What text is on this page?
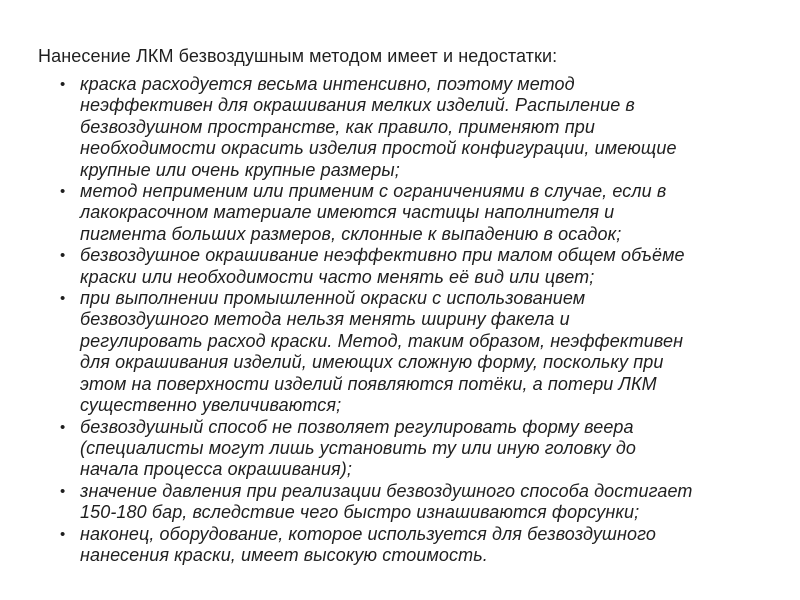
Нанесение ЛКМ безвоздушным методом имеет и недостатки:
• краска расходуется весьма интенсивно, поэтому метод
неэффективен для окрашивания мелких изделий. Распыление в
безвоздушном пространстве, как правило, применяют при
необходимости окрасить изделия простой конфигурации, имеющие
крупные или очень крупные размеры;
• метод неприменим или применим с ограничениями в случае, если в
лакокрасочном материале имеются частицы наполнителя и
пигмента больших размеров, склонные к выпадению в осадок;
• безвоздушное окрашивание неэффективно при малом общем объёме
краски или необходимости часто менять её вид или цвет;
• при выполнении промышленной окраски с использованием
безвоздушного метода нельзя менять ширину факела и
регулировать расход краски. Метод, таким образом, неэффективен
для окрашивания изделий, имеющих сложную форму, поскольку при
этом на поверхности изделий появляются потёки, а потери ЛКМ
существенно увеличиваются;
• безвоздушный способ не позволяет регулировать форму веера
(специалисты могут лишь установить ту или иную головку до
начала процесса окрашивания);
• значение давления при реализации безвоздушного способа достигает
150-180 бар, вследствие чего быстро изнашиваются форсунки;
• наконец, оборудование, которое используется для безвоздушного
нанесения краски, имеет высокую стоимость.
